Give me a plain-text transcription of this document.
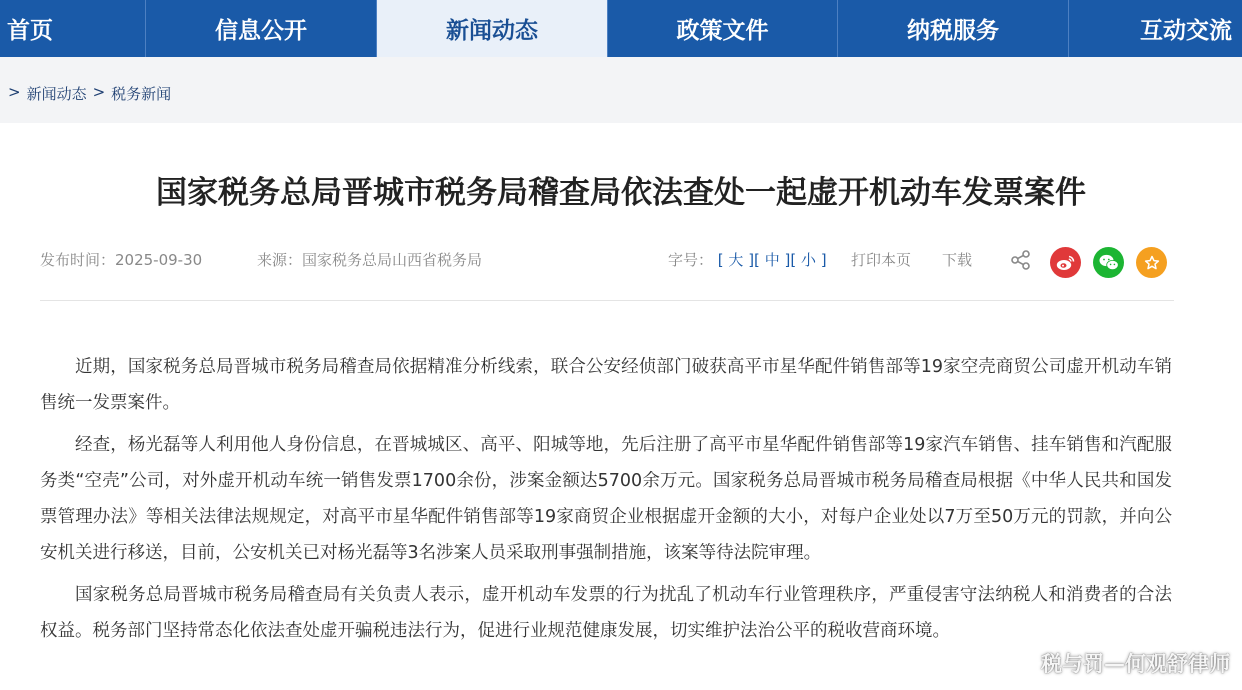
首页	信息公开	新闻动态	政策文件	纳税服务	互动交流
> 新闻动态 > 税务新闻
国家税务总局晋城市税务局稽查局依法查处一起虚开机动车发票案件
发布时间：2025-09-30	来源：国家税务总局山西省税务局	字号： [ 大 ][ 中 ][ 小 ] 打印本页 下载

近期，国家税务总局晋城市税务局稽查局依据精准分析线索，联合公安经侦部门破获高平市星华配件销售部等19家空壳商贸公司虚开机动车销售统一发票案件。

经查，杨光磊等人利用他人身份信息，在晋城城区、高平、阳城等地，先后注册了高平市星华配件销售部等19家汽车销售、挂车销售和汽配服务类“空壳”公司，对外虚开机动车统一销售发票1700余份，涉案金额达5700余万元。国家税务总局晋城市税务局稽查局根据《中华人民共和国发票管理办法》等相关法律法规规定，对高平市星华配件销售部等19家商贸企业根据虚开金额的大小，对每户企业处以7万至50万元的罚款，并向公安机关进行移送，目前，公安机关已对杨光磊等3名涉案人员采取刑事强制措施，该案等待法院审理。

国家税务总局晋城市税务局稽查局有关负责人表示，虚开机动车发票的行为扰乱了机动车行业管理秩序，严重侵害守法纳税人和消费者的合法权益。税务部门坚持常态化依法查处虚开骗税违法行为，促进行业规范健康发展，切实维护法治公平的税收营商环境。

税与罚—何观舒律师
